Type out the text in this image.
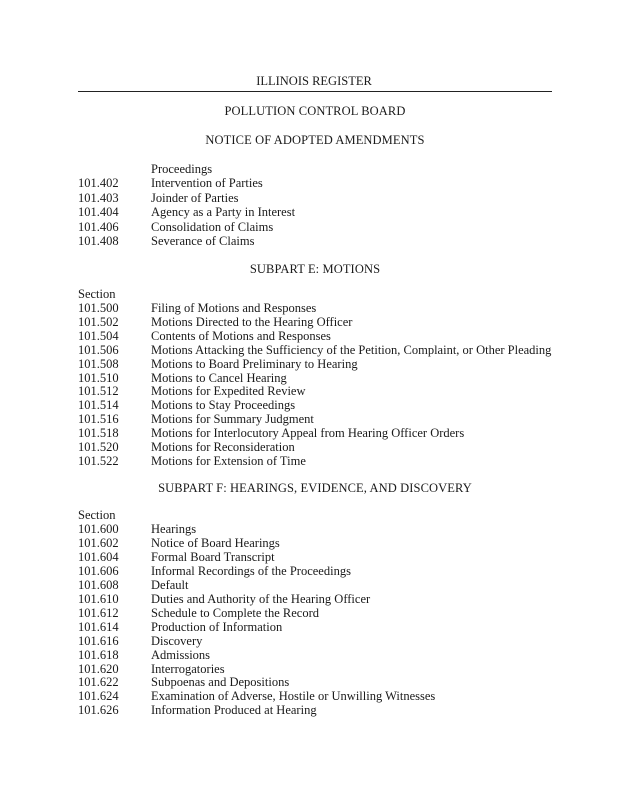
ILLINOIS REGISTER
POLLUTION CONTROL BOARD
NOTICE OF ADOPTED AMENDMENTS
Proceedings
101.402	Intervention of Parties
101.403	Joinder of Parties
101.404	Agency as a Party in Interest
101.406	Consolidation of Claims
101.408	Severance of Claims
SUBPART E: MOTIONS
Section
101.500	Filing of Motions and Responses
101.502	Motions Directed to the Hearing Officer
101.504	Contents of Motions and Responses
101.506	Motions Attacking the Sufficiency of the Petition, Complaint, or Other Pleading
101.508	Motions to Board Preliminary to Hearing
101.510	Motions to Cancel Hearing
101.512	Motions for Expedited Review
101.514	Motions to Stay Proceedings
101.516	Motions for Summary Judgment
101.518	Motions for Interlocutory Appeal from Hearing Officer Orders
101.520	Motions for Reconsideration
101.522	Motions for Extension of Time
SUBPART F: HEARINGS, EVIDENCE, AND DISCOVERY
Section
101.600	Hearings
101.602	Notice of Board Hearings
101.604	Formal Board Transcript
101.606	Informal Recordings of the Proceedings
101.608	Default
101.610	Duties and Authority of the Hearing Officer
101.612	Schedule to Complete the Record
101.614	Production of Information
101.616	Discovery
101.618	Admissions
101.620	Interrogatories
101.622	Subpoenas and Depositions
101.624	Examination of Adverse, Hostile or Unwilling Witnesses
101.626	Information Produced at Hearing
